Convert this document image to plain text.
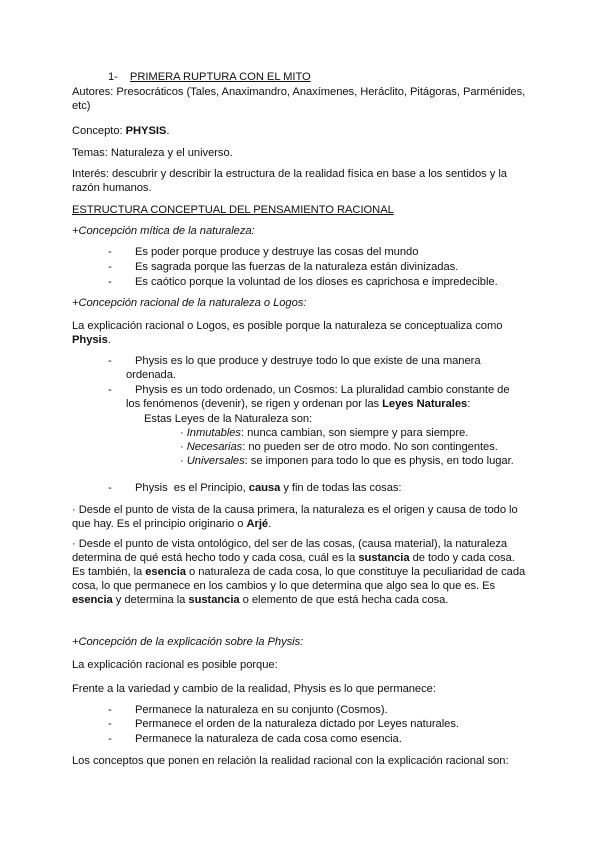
1- PRIMERA RUPTURA CON EL MITO
Autores: Presocráticos (Tales, Anaximandro, Anaxímenes, Heráclito, Pitágoras, Parménides,
etc)
Concepto: PHYSIS.
Temas: Naturaleza y el universo.
Interés: descubrir y describir la estructura de la realidad física en base a los sentidos y la
razón humanos.
ESTRUCTURA CONCEPTUAL DEL PENSAMIENTO RACIONAL
+Concepción mítica de la naturaleza:
- Es poder porque produce y destruye las cosas del mundo
- Es sagrada porque las fuerzas de la naturaleza están divinizadas.
- Es caótico porque la voluntad de los dioses es caprichosa e impredecible.
+Concepción racional de la naturaleza o Logos:
La explicación racional o Logos, es posible porque la naturaleza se conceptualiza como
Physis.
- Physis es lo que produce y destruye todo lo que existe de una manera
ordenada.
- Physis es un todo ordenado, un Cosmos: La pluralidad cambio constante de
los fenómenos (devenir), se rigen y ordenan por las Leyes Naturales:
Estas Leyes de la Naturaleza son:
· Inmutables: nunca cambian, son siempre y para siempre.
· Necesarias: no pueden ser de otro modo. No son contingentes.
· Universales: se imponen para todo lo que es physis, en todo lugar.
- Physis  es el Principio, causa y fin de todas las cosas:
· Desde el punto de vista de la causa primera, la naturaleza es el origen y causa de todo lo
que hay. Es el principio originario o Arjé.
· Desde el punto de vista ontológico, del ser de las cosas, (causa material), la naturaleza
determina de qué está hecho todo y cada cosa, cuál es la sustancia de todo y cada cosa.
Es también, la esencia o naturaleza de cada cosa, lo que constituye la peculiaridad de cada
cosa, lo que permanece en los cambios y lo que determina que algo sea lo que es. Es
esencia y determina la sustancia o elemento de que está hecha cada cosa.
+Concepción de la explicación sobre la Physis:
La explicación racional es posible porque:
Frente a la variedad y cambio de la realidad, Physis es lo que permanece:
- Permanece la naturaleza en su conjunto (Cosmos).
- Permanece el orden de la naturaleza dictado por Leyes naturales.
- Permanece la naturaleza de cada cosa como esencia.
Los conceptos que ponen en relación la realidad racional con la explicación racional son:
